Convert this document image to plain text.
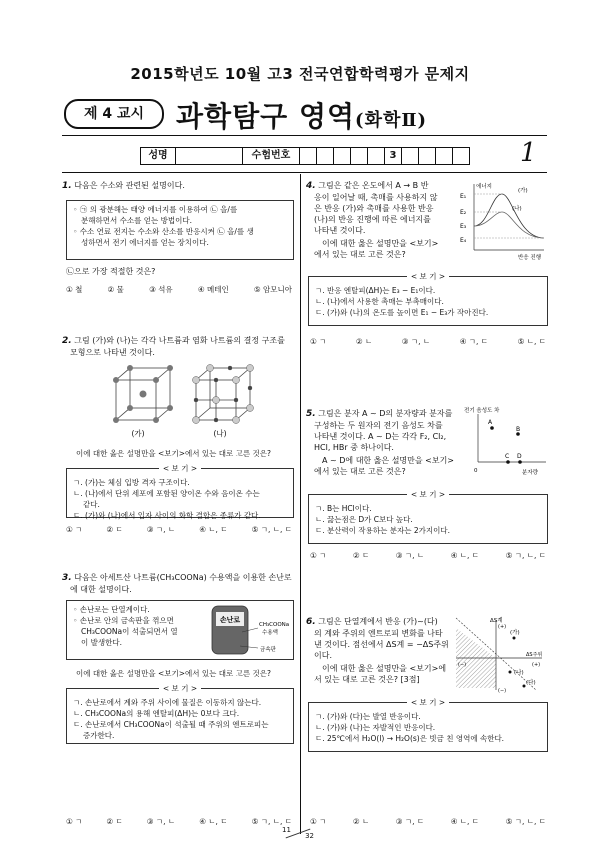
2015학년도 10월 고3 전국연합학력평가 문제지
제 4 교시	과학탐구 영역(화학Ⅱ)
성명	수험번호	3	1
1. 다음은 수소와 관련된 설명이다.
◦ ㉠ 의 광분해는 태양 에너지를 이용하여 ㉡ 을/를
분해하면서 수소를 얻는 방법이다.
◦ 수소 연료 전지는 수소와 산소를 반응시켜 ㉡ 을/를 생
성하면서 전기 에너지를 얻는 장치이다.
㉡으로 가장 적절한 것은?
① 철	② 물	③ 석유	④ 메테인	⑤ 암모니아
2. 그림 (가)와 (나)는 각각 나트륨과 염화 나트륨의 결정 구조를
모형으로 나타낸 것이다.
(가)	(나)
이에 대한 옳은 설명만을 <보기>에서 있는 대로 고른 것은?
< 보 기 >
ㄱ. (가)는 체심 입방 격자 구조이다.
ㄴ. (나)에서 단위 세포에 포함된 양이온 수와 음이온 수는
같다.
ㄷ. (가)와 (나)에서 입자 사이의 화학 결합은 종류가 같다.
① ㄱ	② ㄷ	③ ㄱ, ㄴ	④ ㄴ, ㄷ	⑤ ㄱ, ㄴ, ㄷ
3. 다음은 아세트산 나트륨(CH₃COONa) 수용액을 이용한 손난로
에 대한 설명이다.
◦ 손난로는 단열계이다.
◦ 손난로 안의 금속판을 꺾으면
CH₃COONa이 석출되면서 열
이 발생한다.
손난로
CH₃COONa
수용액
금속판
이에 대한 옳은 설명만을 <보기>에서 있는 대로 고른 것은?
< 보 기 >
ㄱ. 손난로에서 계와 주위 사이에 물질은 이동하지 않는다.
ㄴ. CH₃COONa의 용해 엔탈피(ΔH)는 0보다 크다.
ㄷ. 손난로에서 CH₃COONa이 석출될 때 주위의 엔트로피는
증가한다.
① ㄱ	② ㄷ	③ ㄱ, ㄴ	④ ㄴ, ㄷ	⑤ ㄱ, ㄴ, ㄷ
4. 그림은 같은 온도에서 A → B 반
응이 일어날 때, 촉매를 사용하지 않
은 반응 (가)와 촉매를 사용한 반응
(나)의 반응 진행에 따른 에너지를
나타낸 것이다.
이에 대한 옳은 설명만을 <보기>
에서 있는 대로 고른 것은?
에너지
반응 진행
E₁
E₂
E₃
E₄
(가)
(나)
< 보 기 >
ㄱ. 반응 엔탈피(ΔH)는 E₃ − E₁이다.
ㄴ. (나)에서 사용한 촉매는 부촉매이다.
ㄷ. (가)와 (나)의 온도를 높이면 E₁ − E₃가 작아진다.
① ㄱ	② ㄴ	③ ㄱ, ㄴ	④ ㄱ, ㄷ	⑤ ㄴ, ㄷ
5. 그림은 분자 A ~ D의 분자량과 분자를
구성하는 두 원자의 전기 음성도 차를
나타낸 것이다. A ~ D는 각각 F₂, Cl₂,
HCl, HBr 중 하나이다.
A ~ D에 대한 옳은 설명만을 <보기>
에서 있는 대로 고른 것은?
전기 음성도 차
0	분자량
A
B
C D
< 보 기 >
ㄱ. B는 HCl이다.
ㄴ. 끓는점은 D가 C보다 높다.
ㄷ. 분산력이 작용하는 분자는 2가지이다.
① ㄱ	② ㄷ	③ ㄱ, ㄴ	④ ㄴ, ㄷ	⑤ ㄱ, ㄴ, ㄷ
6. 그림은 단열계에서 반응 (가)~(다)
의 계와 주위의 엔트로피 변화를 나타
낸 것이다. 점선에서 ΔS계 = −ΔS주위
이다.
이에 대한 옳은 설명만을 <보기>에
서 있는 대로 고른 것은? [3점]
ΔS계
ΔS주위
(+)
(−)
(−)	(+)
(가)
(나)
(다)
< 보 기 >
ㄱ. (가)와 (다)는 발열 반응이다.
ㄴ. (가)와 (나)는 자발적인 반응이다.
ㄷ. 25℃에서 H₂O(l) → H₂O(s)은 빗금 친 영역에 속한다.
① ㄱ	② ㄴ	③ ㄱ, ㄷ	④ ㄴ, ㄷ	⑤ ㄱ, ㄴ, ㄷ
11
32
